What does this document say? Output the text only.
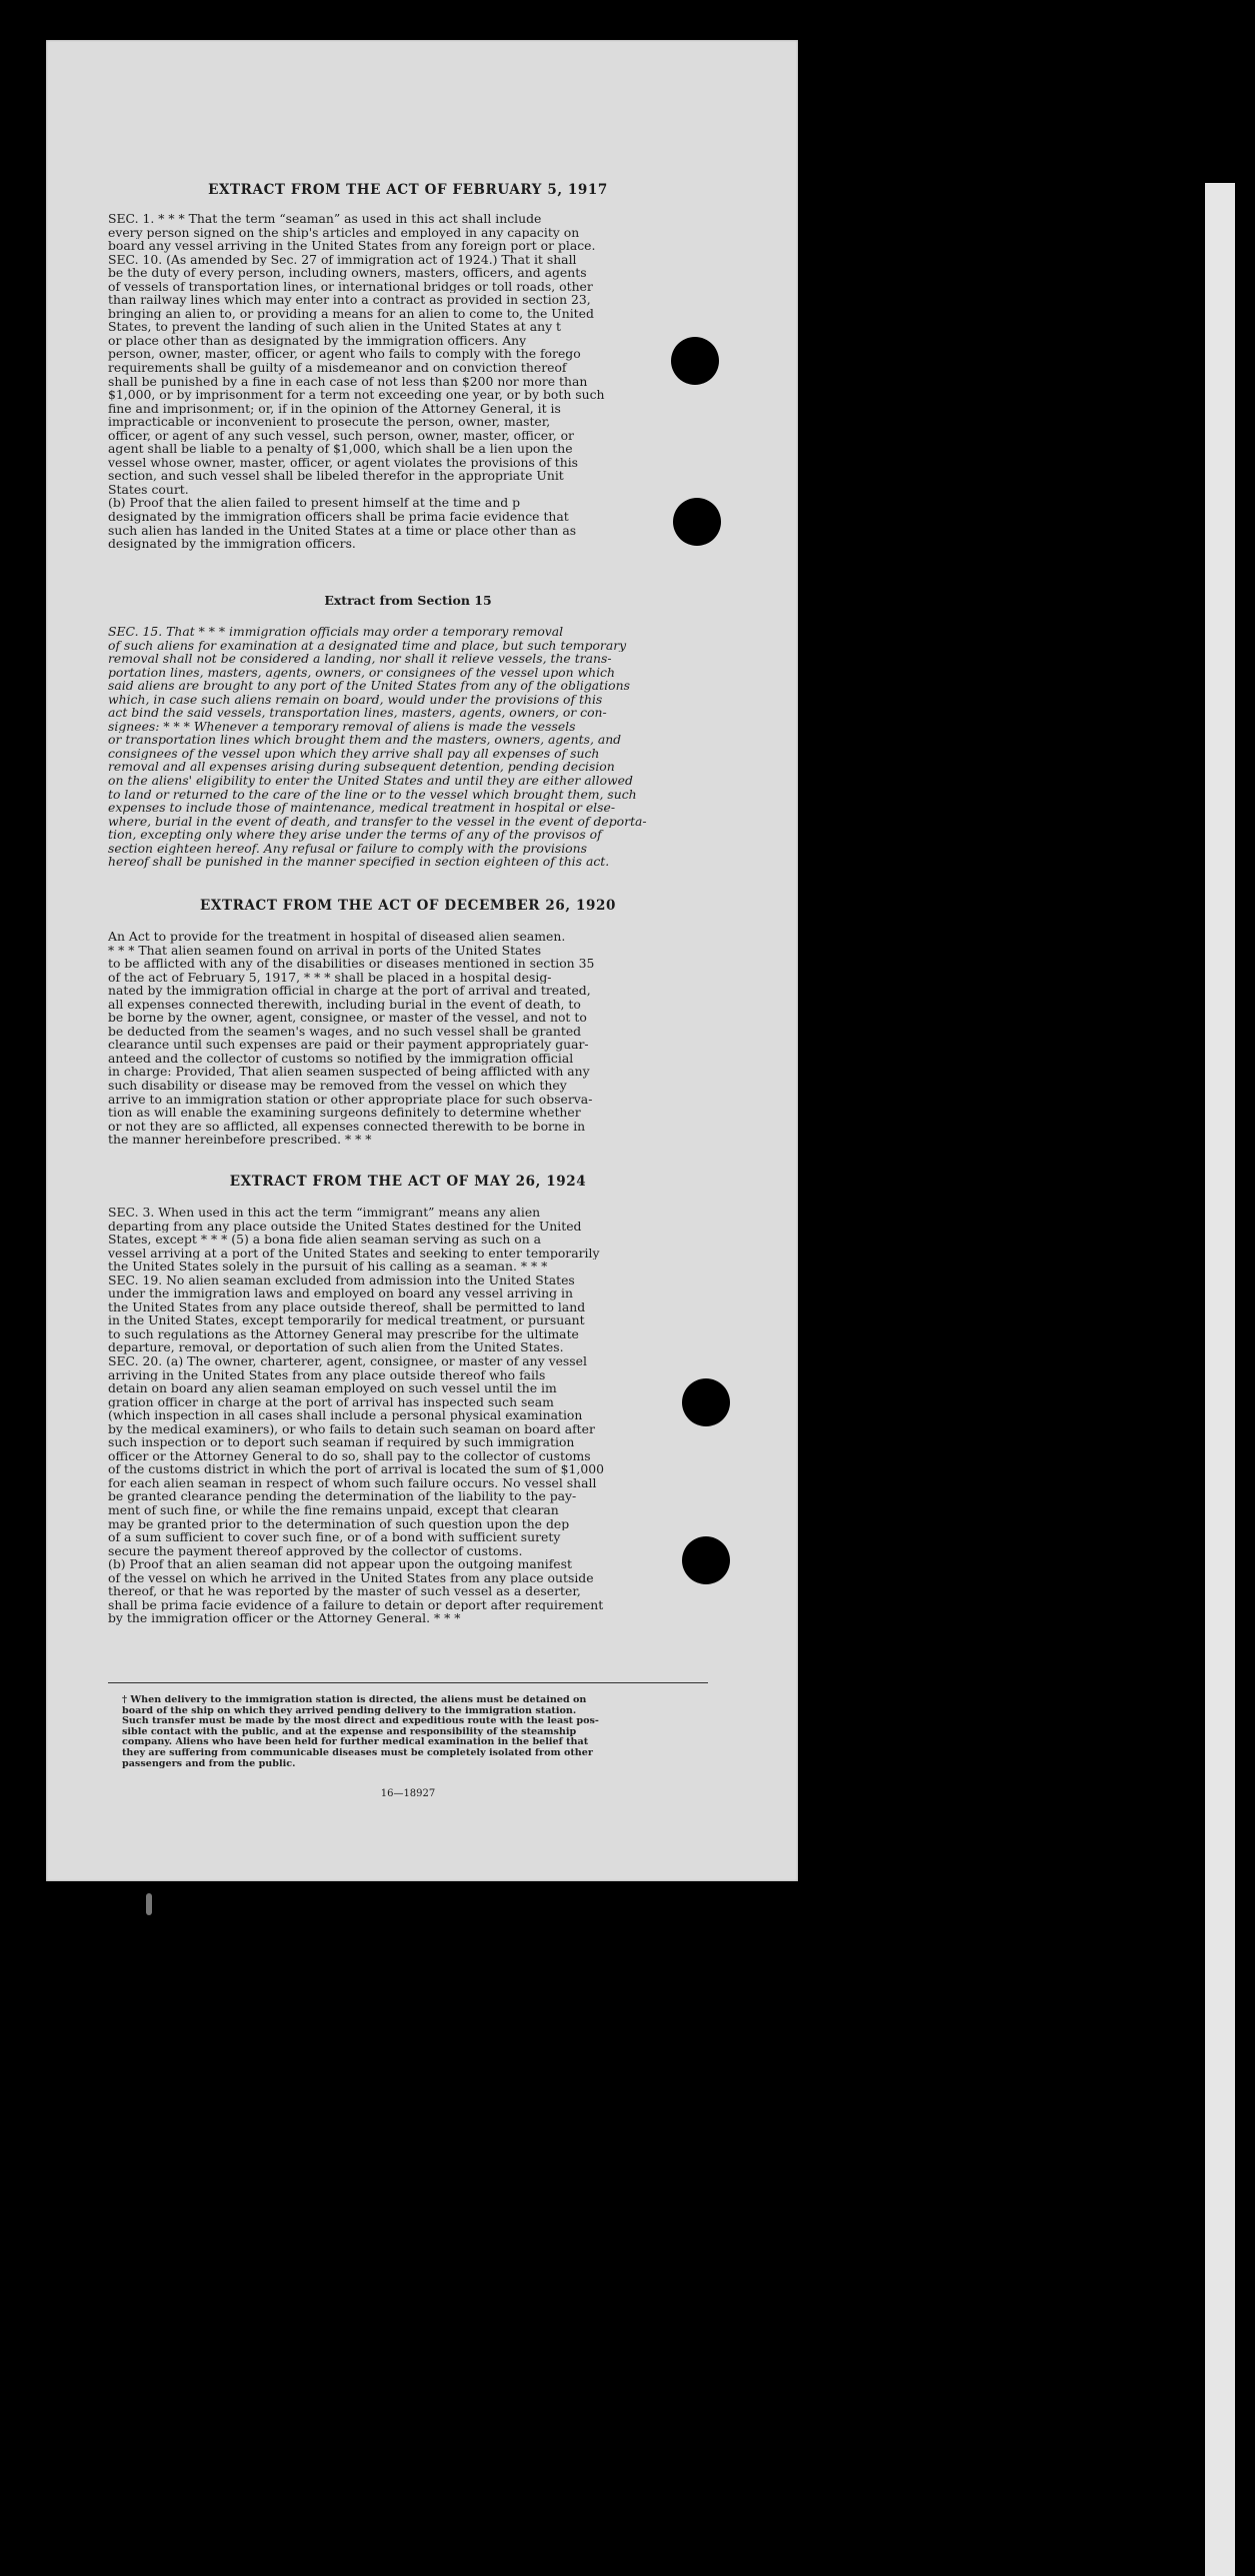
EXTRACT FROM THE ACT OF FEBRUARY 5, 1917
SEC. 1. * * * That the term “seaman” as used in this act shall include
every person signed on the ship's articles and employed in any capacity on
board any vessel arriving in the United States from any foreign port or place.
SEC. 10. (As amended by Sec. 27 of immigration act of 1924.) That it shall
be the duty of every person, including owners, masters, officers, and agents
of vessels of transportation lines, or international bridges or toll roads, other
than railway lines which may enter into a contract as provided in section 23,
bringing an alien to, or providing a means for an alien to come to, the United
States, to prevent the landing of such alien in the United States at any t
or place other than as designated by the immigration officers. Any
person, owner, master, officer, or agent who fails to comply with the forego
requirements shall be guilty of a misdemeanor and on conviction thereof
shall be punished by a fine in each case of not less than $200 nor more than
$1,000, or by imprisonment for a term not exceeding one year, or by both such
fine and imprisonment; or, if in the opinion of the Attorney General, it is
impracticable or inconvenient to prosecute the person, owner, master,
officer, or agent of any such vessel, such person, owner, master, officer, or
agent shall be liable to a penalty of $1,000, which shall be a lien upon the
vessel whose owner, master, officer, or agent violates the provisions of this
section, and such vessel shall be libeled therefor in the appropriate Unit
States court.
(b) Proof that the alien failed to present himself at the time and p
designated by the immigration officers shall be prima facie evidence that
such alien has landed in the United States at a time or place other than as
designated by the immigration officers.
Extract from Section 15
SEC. 15. That * * * immigration officials may order a temporary removal
of such aliens for examination at a designated time and place, but such temporary
removal shall not be considered a landing, nor shall it relieve vessels, the trans-
portation lines, masters, agents, owners, or consignees of the vessel upon which
said aliens are brought to any port of the United States from any of the obligations
which, in case such aliens remain on board, would under the provisions of this
act bind the said vessels, transportation lines, masters, agents, owners, or con-
signees: * * * Whenever a temporary removal of aliens is made the vessels
or transportation lines which brought them and the masters, owners, agents, and
consignees of the vessel upon which they arrive shall pay all expenses of such
removal and all expenses arising during subsequent detention, pending decision
on the aliens' eligibility to enter the United States and until they are either allowed
to land or returned to the care of the line or to the vessel which brought them, such
expenses to include those of maintenance, medical treatment in hospital or else-
where, burial in the event of death, and transfer to the vessel in the event of deporta-
tion, excepting only where they arise under the terms of any of the provisos of
section eighteen hereof. Any refusal or failure to comply with the provisions
hereof shall be punished in the manner specified in section eighteen of this act.
EXTRACT FROM THE ACT OF DECEMBER 26, 1920
An Act to provide for the treatment in hospital of diseased alien seamen.
* * * That alien seamen found on arrival in ports of the United States
to be afflicted with any of the disabilities or diseases mentioned in section 35
of the act of February 5, 1917, * * * shall be placed in a hospital desig-
nated by the immigration official in charge at the port of arrival and treated,
all expenses connected therewith, including burial in the event of death, to
be borne by the owner, agent, consignee, or master of the vessel, and not to
be deducted from the seamen's wages, and no such vessel shall be granted
clearance until such expenses are paid or their payment appropriately guar-
anteed and the collector of customs so notified by the immigration official
in charge: Provided, That alien seamen suspected of being afflicted with any
such disability or disease may be removed from the vessel on which they
arrive to an immigration station or other appropriate place for such observa-
tion as will enable the examining surgeons definitely to determine whether
or not they are so afflicted, all expenses connected therewith to be borne in
the manner hereinbefore prescribed. * * *
EXTRACT FROM THE ACT OF MAY 26, 1924
SEC. 3. When used in this act the term “immigrant” means any alien
departing from any place outside the United States destined for the United
States, except * * * (5) a bona fide alien seaman serving as such on a
vessel arriving at a port of the United States and seeking to enter temporarily
the United States solely in the pursuit of his calling as a seaman. * * *
SEC. 19. No alien seaman excluded from admission into the United States
under the immigration laws and employed on board any vessel arriving in
the United States from any place outside thereof, shall be permitted to land
in the United States, except temporarily for medical treatment, or pursuant
to such regulations as the Attorney General may prescribe for the ultimate
departure, removal, or deportation of such alien from the United States.
SEC. 20. (a) The owner, charterer, agent, consignee, or master of any vessel
arriving in the United States from any place outside thereof who fails
detain on board any alien seaman employed on such vessel until the im
gration officer in charge at the port of arrival has inspected such seam
(which inspection in all cases shall include a personal physical examination
by the medical examiners), or who fails to detain such seaman on board after
such inspection or to deport such seaman if required by such immigration
officer or the Attorney General to do so, shall pay to the collector of customs
of the customs district in which the port of arrival is located the sum of $1,000
for each alien seaman in respect of whom such failure occurs. No vessel shall
be granted clearance pending the determination of the liability to the pay-
ment of such fine, or while the fine remains unpaid, except that clearan
may be granted prior to the determination of such question upon the dep
of a sum sufficient to cover such fine, or of a bond with sufficient surety
secure the payment thereof approved by the collector of customs.
(b) Proof that an alien seaman did not appear upon the outgoing manifest
of the vessel on which he arrived in the United States from any place outside
thereof, or that he was reported by the master of such vessel as a deserter,
shall be prima facie evidence of a failure to detain or deport after requirement
by the immigration officer or the Attorney General. * * *
† When delivery to the immigration station is directed, the aliens must be detained on
board of the ship on which they arrived pending delivery to the immigration station.
Such transfer must be made by the most direct and expeditious route with the least pos-
sible contact with the public, and at the expense and responsibility of the steamship
company. Aliens who have been held for further medical examination in the belief that
they are suffering from communicable diseases must be completely isolated from other
passengers and from the public.
16—18927
